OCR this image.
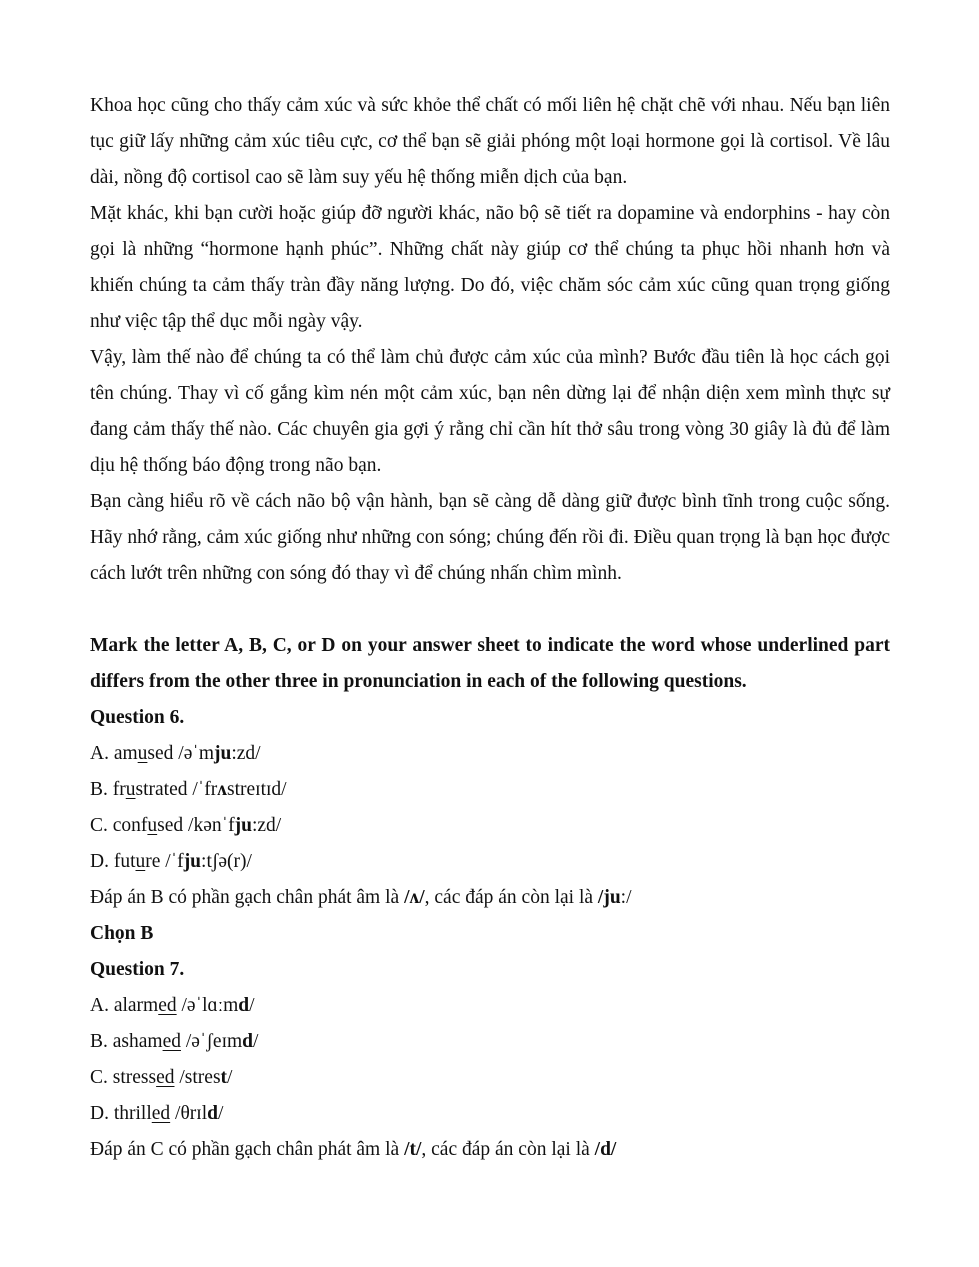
Khoa học cũng cho thấy cảm xúc và sức khỏe thể chất có mối liên hệ chặt chẽ với nhau. Nếu bạn liên tục giữ lấy những cảm xúc tiêu cực, cơ thể bạn sẽ giải phóng một loại hormone gọi là cortisol. Về lâu dài, nồng độ cortisol cao sẽ làm suy yếu hệ thống miễn dịch của bạn.

Mặt khác, khi bạn cười hoặc giúp đỡ người khác, não bộ sẽ tiết ra dopamine và endorphins - hay còn gọi là những “hormone hạnh phúc”. Những chất này giúp cơ thể chúng ta phục hồi nhanh hơn và khiến chúng ta cảm thấy tràn đầy năng lượng. Do đó, việc chăm sóc cảm xúc cũng quan trọng giống như việc tập thể dục mỗi ngày vậy.

Vậy, làm thế nào để chúng ta có thể làm chủ được cảm xúc của mình? Bước đầu tiên là học cách gọi tên chúng. Thay vì cố gắng kìm nén một cảm xúc, bạn nên dừng lại để nhận diện xem mình thực sự đang cảm thấy thế nào. Các chuyên gia gợi ý rằng chỉ cần hít thở sâu trong vòng 30 giây là đủ để làm dịu hệ thống báo động trong não bạn.

Bạn càng hiểu rõ về cách não bộ vận hành, bạn sẽ càng dễ dàng giữ được bình tĩnh trong cuộc sống. Hãy nhớ rằng, cảm xúc giống như những con sóng; chúng đến rồi đi. Điều quan trọng là bạn học được cách lướt trên những con sóng đó thay vì để chúng nhấn chìm mình.

Mark the letter A, B, C, or D on your answer sheet to indicate the word whose underlined part differs from the other three in pronunciation in each of the following questions.

Question 6.

A. amused /əˈmju:zd/

B. frustrated /ˈfrʌstreɪtɪd/

C. confused /kənˈfju:zd/

D. future /ˈfju:tʃə(r)/

Đáp án B có phần gạch chân phát âm là /ʌ/, các đáp án còn lại là /ju:/

Chọn B

Question 7.

A. alarmed /əˈlɑːmd/

B. ashamed /əˈʃeɪmd/

C. stressed /strest/

D. thrilled /θrɪld/

Đáp án C có phần gạch chân phát âm là /t/, các đáp án còn lại là /d/
